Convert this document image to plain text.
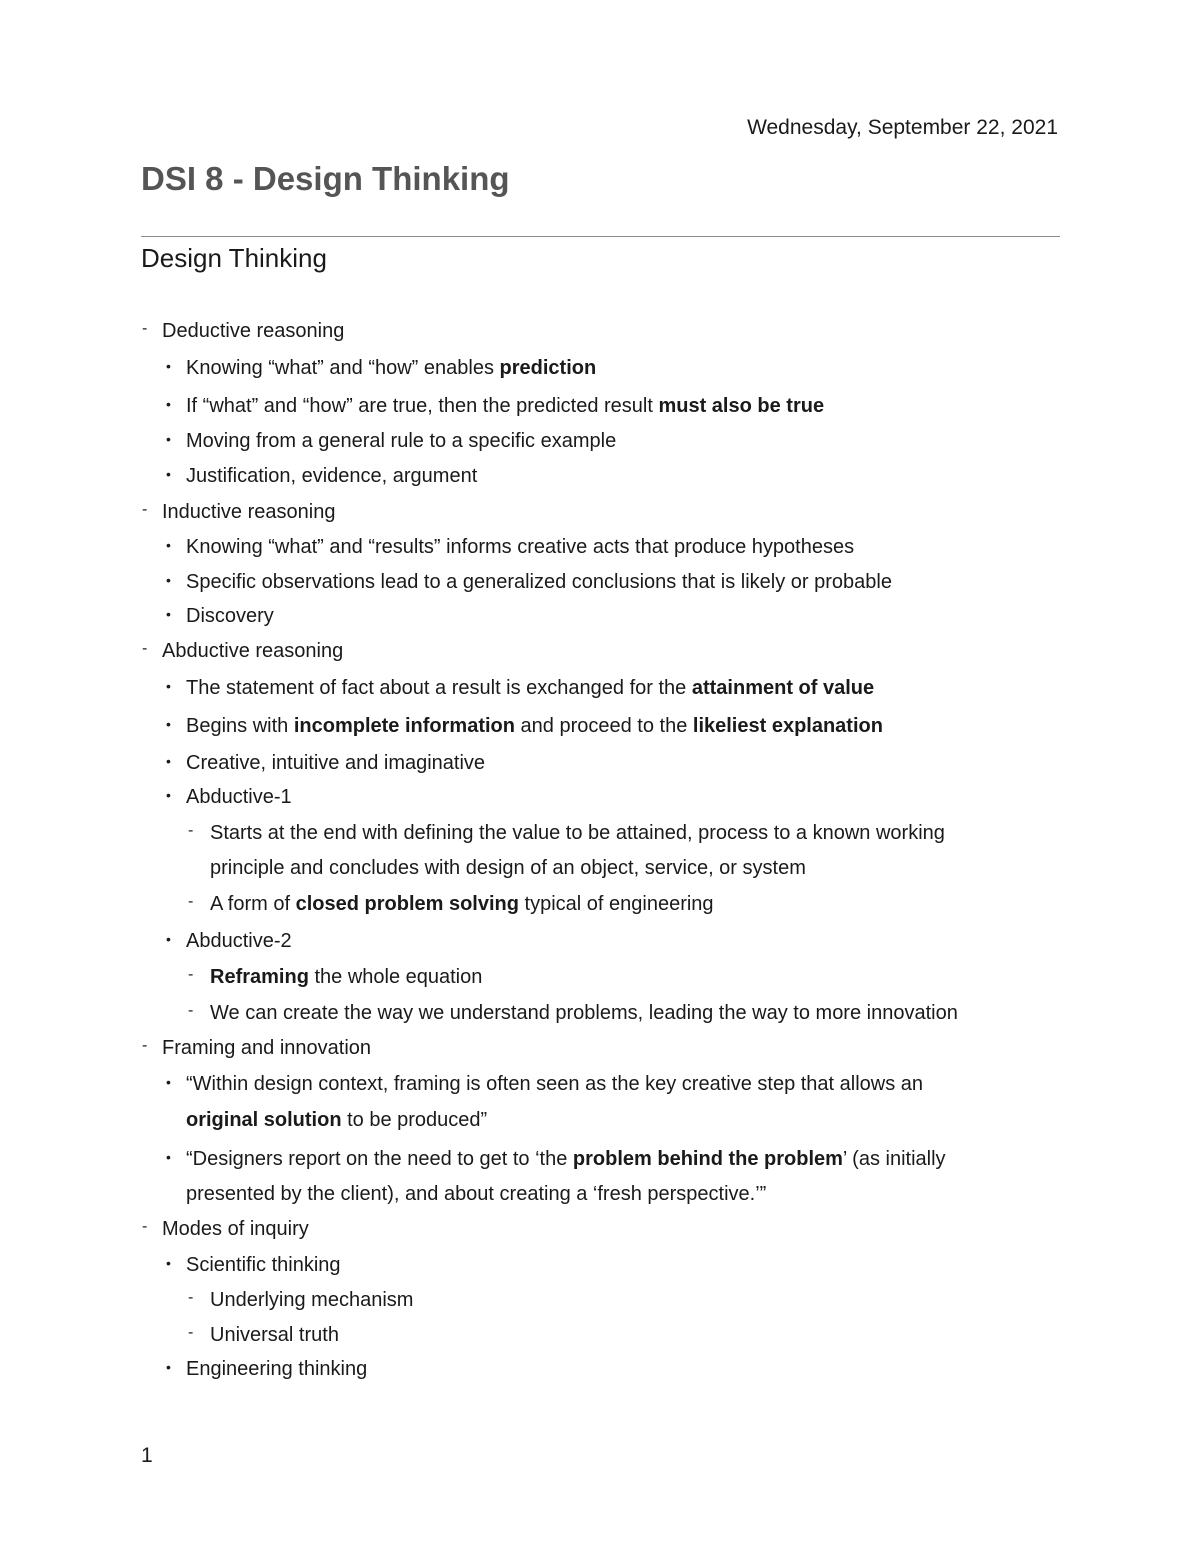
Wednesday, September 22, 2021
DSI 8 - Design Thinking
Design Thinking
- Deductive reasoning
• Knowing “what” and “how” enables prediction
• If “what” and “how” are true, then the predicted result must also be true
• Moving from a general rule to a specific example
• Justification, evidence, argument
- Inductive reasoning
• Knowing “what” and “results” informs creative acts that produce hypotheses
• Specific observations lead to a generalized conclusions that is likely or probable
• Discovery
- Abductive reasoning
• The statement of fact about a result is exchanged for the attainment of value
• Begins with incomplete information and proceed to the likeliest explanation
• Creative, intuitive and imaginative
• Abductive-1
- Starts at the end with defining the value to be attained, process to a known working
principle and concludes with design of an object, service, or system
- A form of closed problem solving typical of engineering
• Abductive-2
- Reframing the whole equation
- We can create the way we understand problems, leading the way to more innovation
- Framing and innovation
• “Within design context, framing is often seen as the key creative step that allows an
original solution to be produced”
• “Designers report on the need to get to ‘the problem behind the problem’ (as initially
presented by the client), and about creating a ‘fresh perspective.’”
- Modes of inquiry
• Scientific thinking
- Underlying mechanism
- Universal truth
• Engineering thinking
1
